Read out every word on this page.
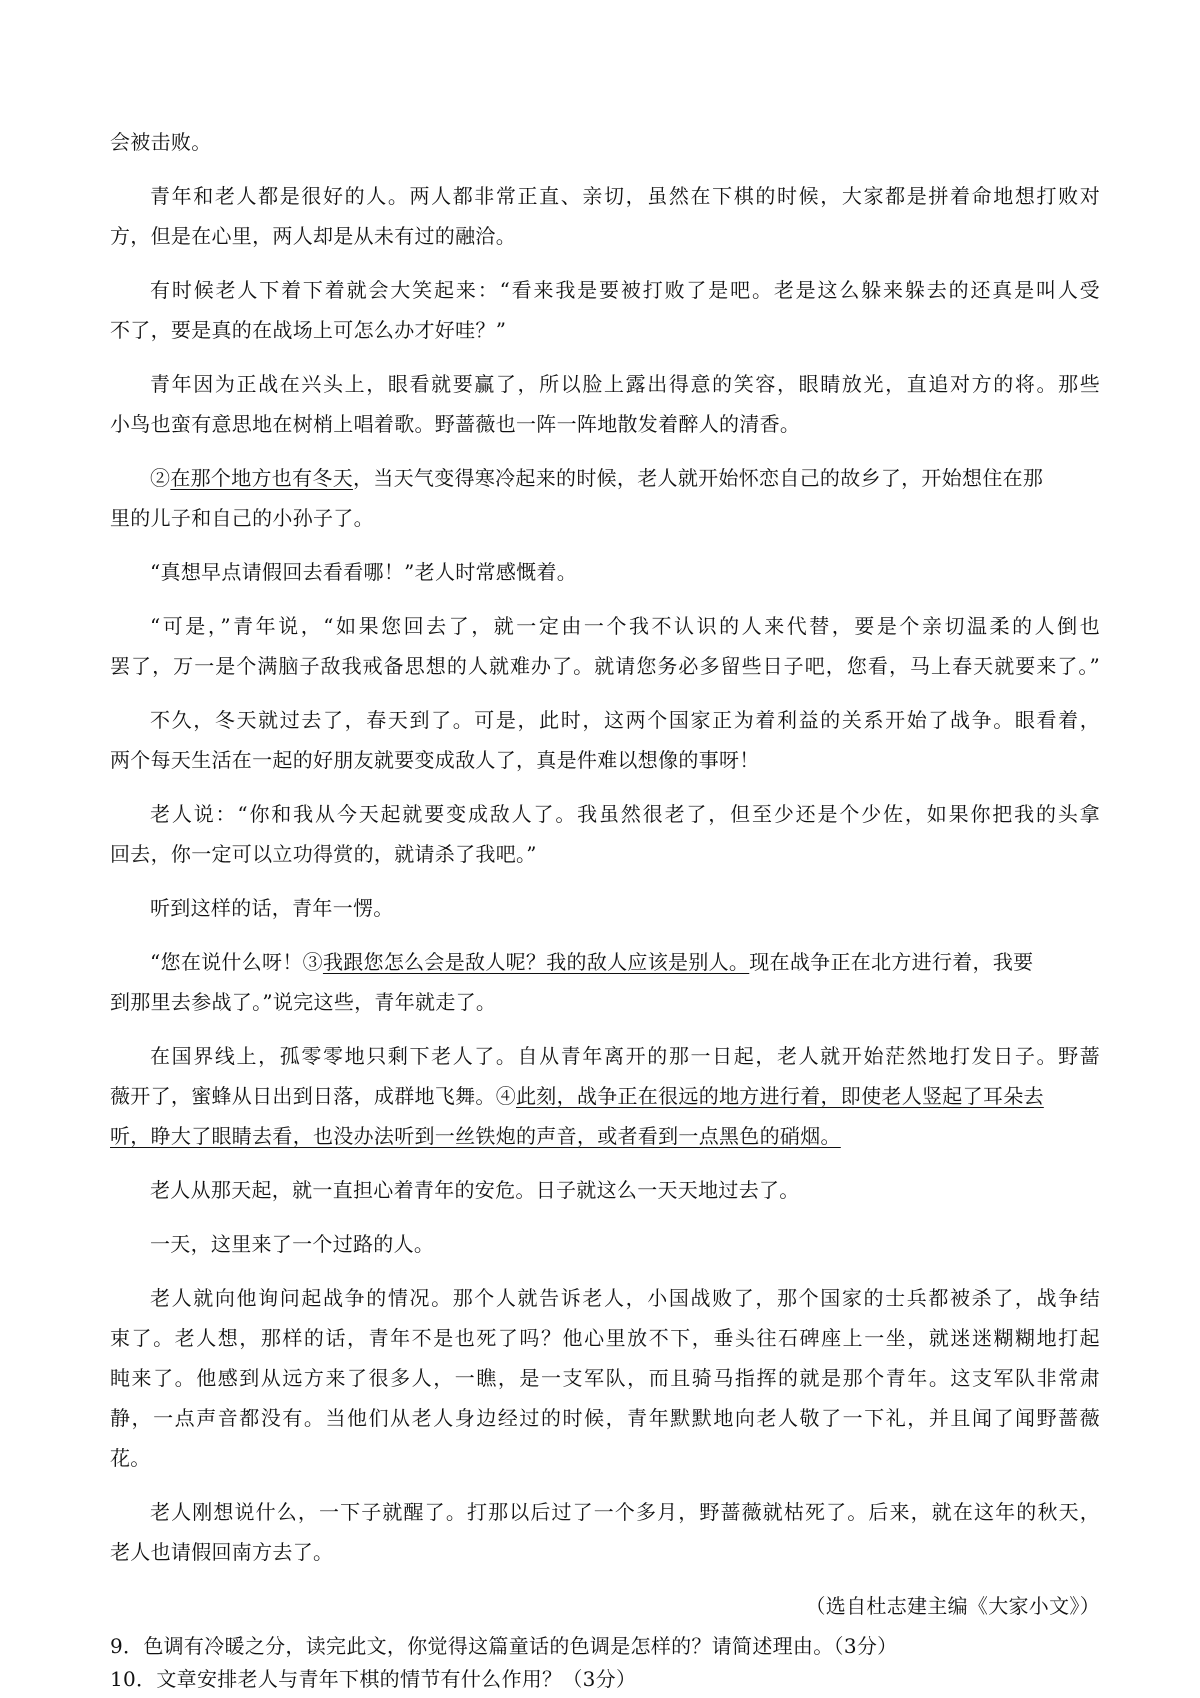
会被击败。
青年和老人都是很好的人。两人都非常正直、亲切，虽然在下棋的时候，大家都是拼着命地想打败对
方，但是在心里，两人却是从未有过的融洽。
有时候老人下着下着就会大笑起来：“看来我是要被打败了是吧。老是这么躲来躲去的还真是叫人受
不了，要是真的在战场上可怎么办才好哇？”
青年因为正战在兴头上，眼看就要赢了，所以脸上露出得意的笑容，眼睛放光，直追对方的将。那些
小鸟也蛮有意思地在树梢上唱着歌。野蔷薇也一阵一阵地散发着醉人的清香。
②在那个地方也有冬天，当天气变得寒冷起来的时候，老人就开始怀恋自己的故乡了，开始想住在那
里的儿子和自己的小孙子了。
“真想早点请假回去看看哪！”老人时常感慨着。
“可是，”青年说，“如果您回去了，就一定由一个我不认识的人来代替，要是个亲切温柔的人倒也
罢了，万一是个满脑子敌我戒备思想的人就难办了。就请您务必多留些日子吧，您看，马上春天就要来了。”
不久，冬天就过去了，春天到了。可是，此时，这两个国家正为着利益的关系开始了战争。眼看着，
两个每天生活在一起的好朋友就要变成敌人了，真是件难以想像的事呀！
老人说：“你和我从今天起就要变成敌人了。我虽然很老了，但至少还是个少佐，如果你把我的头拿
回去，你一定可以立功得赏的，就请杀了我吧。”
听到这样的话，青年一愣。
“您在说什么呀！③我跟您怎么会是敌人呢？我的敌人应该是别人。现在战争正在北方进行着，我要
到那里去参战了。”说完这些，青年就走了。
在国界线上，孤零零地只剩下老人了。自从青年离开的那一日起，老人就开始茫然地打发日子。野蔷
薇开了，蜜蜂从日出到日落，成群地飞舞。④此刻，战争正在很远的地方进行着，即使老人竖起了耳朵去
听，睁大了眼睛去看，也没办法听到一丝铁炮的声音，或者看到一点黑色的硝烟。
老人从那天起，就一直担心着青年的安危。日子就这么一天天地过去了。
一天，这里来了一个过路的人。
老人就向他询问起战争的情况。那个人就告诉老人，小国战败了，那个国家的士兵都被杀了，战争结
束了。老人想，那样的话，青年不是也死了吗？他心里放不下，垂头往石碑座上一坐，就迷迷糊糊地打起
盹来了。他感到从远方来了很多人，一瞧，是一支军队，而且骑马指挥的就是那个青年。这支军队非常肃
静，一点声音都没有。当他们从老人身边经过的时候，青年默默地向老人敬了一下礼，并且闻了闻野蔷薇
花。
老人刚想说什么，一下子就醒了。打那以后过了一个多月，野蔷薇就枯死了。后来，就在这年的秋天，
老人也请假回南方去了。
（选自杜志建主编《大家小文》）
9．色调有冷暖之分，读完此文，你觉得这篇童话的色调是怎样的？请简述理由。（3分）
10．文章安排老人与青年下棋的情节有什么作用？（3分）
